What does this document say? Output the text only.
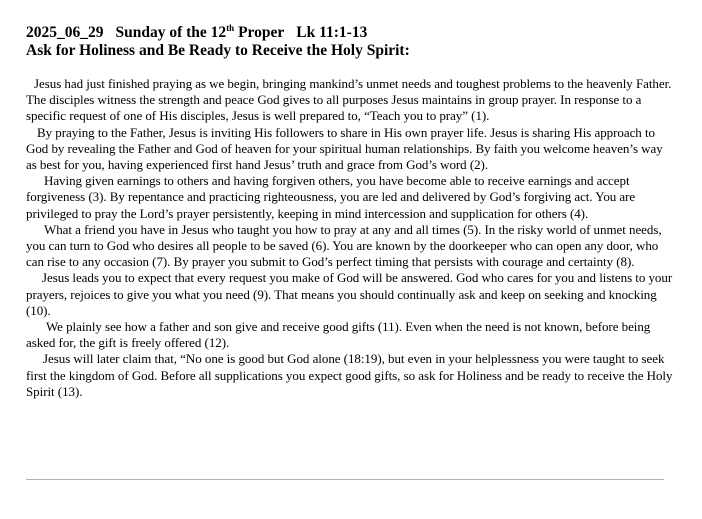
2025_06_29 Sunday of the 12th Proper Lk 11:1-13
Ask for Holiness and Be Ready to Receive the Holy Spirit:

Jesus had just finished praying as we begin, bringing mankind’s unmet needs and toughest problems to the heavenly Father. The disciples witness the strength and peace God gives to all purposes Jesus maintains in group prayer. In response to a specific request of one of His disciples, Jesus is well prepared to, “Teach you to pray” (1).

By praying to the Father, Jesus is inviting His followers to share in His own prayer life. Jesus is sharing His approach to God by revealing the Father and God of heaven for your spiritual human relationships. By faith you welcome heaven’s way as best for you, having experienced first hand Jesus’ truth and grace from God’s word (2).

Having given earnings to others and having forgiven others, you have become able to receive earnings and accept forgiveness (3). By repentance and practicing righteousness, you are led and delivered by God’s forgiving act. You are privileged to pray the Lord’s prayer persistently, keeping in mind intercession and supplication for others (4).

What a friend you have in Jesus who taught you how to pray at any and all times (5). In the risky world of unmet needs, you can turn to God who desires all people to be saved (6). You are known by the doorkeeper who can open any door, who can rise to any occasion (7). By prayer you submit to God’s perfect timing that persists with courage and certainty (8).

Jesus leads you to expect that every request you make of God will be answered. God who cares for you and listens to your prayers, rejoices to give you what you need (9). That means you should continually ask and keep on seeking and knocking (10).

We plainly see how a father and son give and receive good gifts (11). Even when the need is not known, before being asked for, the gift is freely offered (12).

Jesus will later claim that, “No one is good but God alone (18:19), but even in your helplessness you were taught to seek first the kingdom of God. Before all supplications you expect good gifts, so ask for Holiness and be ready to receive the Holy Spirit (13).
